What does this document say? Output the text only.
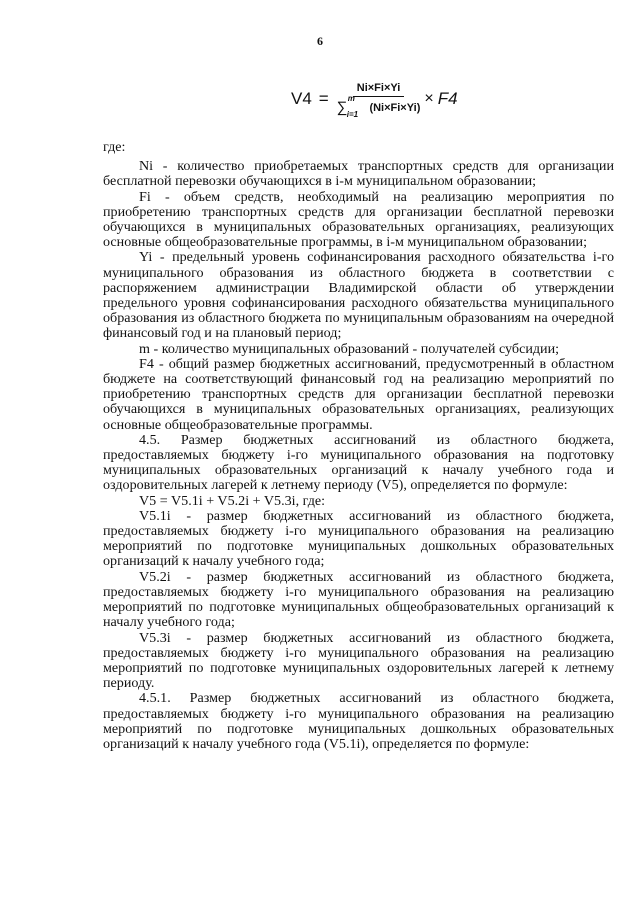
6
V4 = Ni×Fi×Yi
∑
m
i=1
(Ni×Fi×Yi) × F4

где:

Ni - количество приобретаемых транспортных средств для организации бесплатной перевозки обучающихся в i-м муниципальном образовании;

Fi - объем средств, необходимый на реализацию мероприятия по приобретению транспортных средств для организации бесплатной перевозки обучающихся в муниципальных образовательных организациях, реализующих основные общеобразовательные программы, в i-м муниципальном образовании;

Yi - предельный уровень софинансирования расходного обязательства i-го муниципального образования из областного бюджета в соответствии с распоряжением администрации Владимирской области об утверждении предельного уровня софинансирования расходного обязательства муниципального образования из областного бюджета по муниципальным образованиям на очередной финансовый год и на плановый период;

m - количество муниципальных образований - получателей субсидии;

F4 - общий размер бюджетных ассигнований, предусмотренный в областном бюджете на соответствующий финансовый год на реализацию мероприятий по приобретению транспортных средств для организации бесплатной перевозки обучающихся в муниципальных образовательных организациях, реализующих основные общеобразовательные программы.

4.5. Размер бюджетных ассигнований из областного бюджета, предоставляемых бюджету i-го муниципального образования на подготовку муниципальных образовательных организаций к началу учебного года и оздоровительных лагерей к летнему периоду (V5), определяется по формуле:

V5 = V5.1i + V5.2i + V5.3i, где:

V5.1i - размер бюджетных ассигнований из областного бюджета, предоставляемых бюджету i-го муниципального образования на реализацию мероприятий по подготовке муниципальных дошкольных образовательных организаций к началу учебного года;

V5.2i - размер бюджетных ассигнований из областного бюджета, предоставляемых бюджету i-го муниципального образования на реализацию мероприятий по подготовке муниципальных общеобразовательных организаций к началу учебного года;

V5.3i - размер бюджетных ассигнований из областного бюджета, предоставляемых бюджету i-го муниципального образования на реализацию мероприятий по подготовке муниципальных оздоровительных лагерей к летнему периоду.

4.5.1. Размер бюджетных ассигнований из областного бюджета, предоставляемых бюджету i-го муниципального образования на реализацию мероприятий по подготовке муниципальных дошкольных образовательных организаций к началу учебного года (V5.1i), определяется по формуле:
